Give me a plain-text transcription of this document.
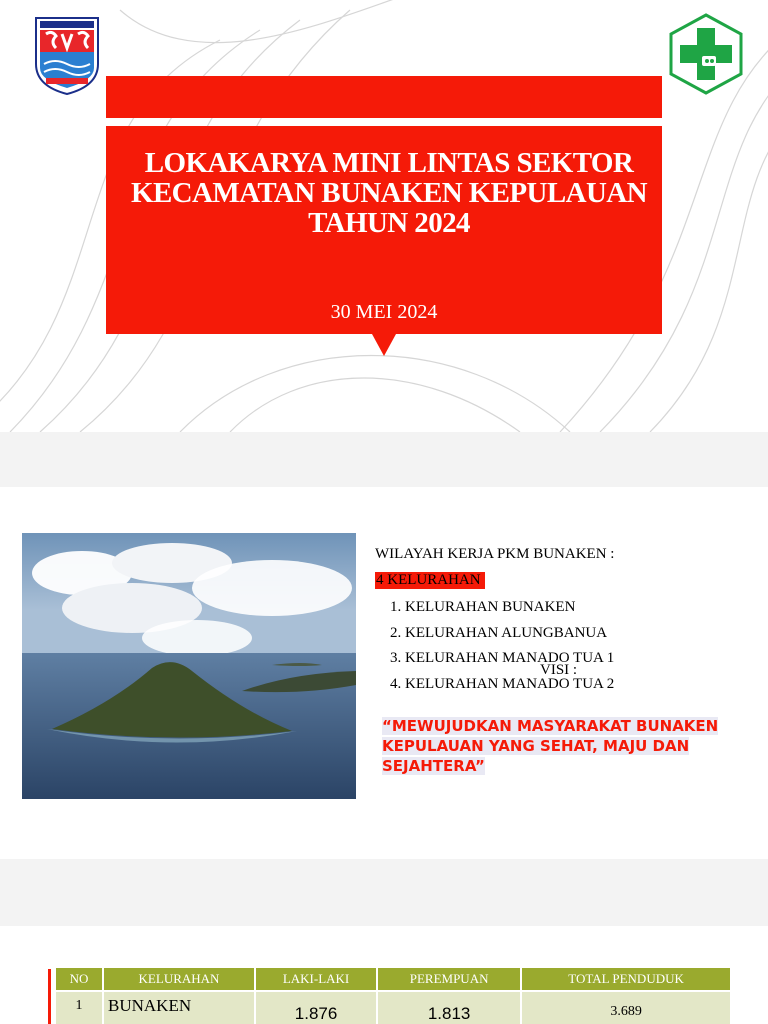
LOKAKARYA MINI LINTAS SEKTOR
KECAMATAN BUNAKEN KEPULAUAN
TAHUN 2024
30 MEI 2024
WILAYAH KERJA PKM BUNAKEN :
4 KELURAHAN
1. KELURAHAN BUNAKEN
2. KELURAHAN ALUNGBANUA
3. KELURAHAN MANADO TUA 1
4. KELURAHAN MANADO TUA 2
VISI :
“MEWUJUDKAN MASYARAKAT BUNAKEN KEPULAUAN YANG SEHAT, MAJU DAN SEJAHTERA”
NO	KELURAHAN	LAKI-LAKI	PEREMPUAN	TOTAL PENDUDUK
1	BUNAKEN	1.876	1.813	3.689
